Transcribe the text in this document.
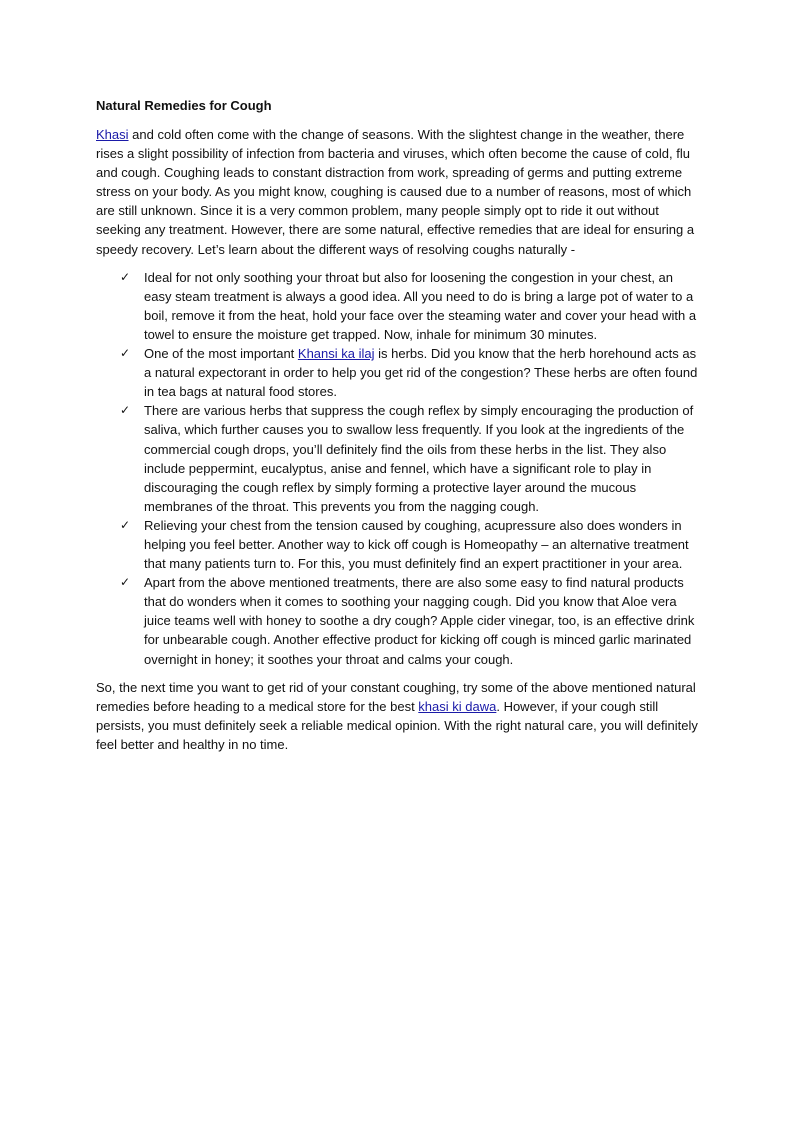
Natural Remedies for Cough

Khasi and cold often come with the change of seasons. With the slightest change in the weather, there rises a slight possibility of infection from bacteria and viruses, which often become the cause of cold, flu and cough. Coughing leads to constant distraction from work, spreading of germs and putting extreme stress on your body. As you might know, coughing is caused due to a number of reasons, most of which are still unknown. Since it is a very common problem, many people simply opt to ride it out without seeking any treatment. However, there are some natural, effective remedies that are ideal for ensuring a speedy recovery. Let’s learn about the different ways of resolving coughs naturally -

✓ Ideal for not only soothing your throat but also for loosening the congestion in your chest, an easy steam treatment is always a good idea. All you need to do is bring a large pot of water to a boil, remove it from the heat, hold your face over the steaming water and cover your head with a towel to ensure the moisture get trapped. Now, inhale for minimum 30 minutes.
✓ One of the most important Khansi ka ilaj is herbs. Did you know that the herb horehound acts as a natural expectorant in order to help you get rid of the congestion? These herbs are often found in tea bags at natural food stores.
✓ There are various herbs that suppress the cough reflex by simply encouraging the production of saliva, which further causes you to swallow less frequently. If you look at the ingredients of the commercial cough drops, you’ll definitely find the oils from these herbs in the list. They also include peppermint, eucalyptus, anise and fennel, which have a significant role to play in discouraging the cough reflex by simply forming a protective layer around the mucous membranes of the throat. This prevents you from the nagging cough.
✓ Relieving your chest from the tension caused by coughing, acupressure also does wonders in helping you feel better. Another way to kick off cough is Homeopathy – an alternative treatment that many patients turn to. For this, you must definitely find an expert practitioner in your area.
✓ Apart from the above mentioned treatments, there are also some easy to find natural products that do wonders when it comes to soothing your nagging cough. Did you know that Aloe vera juice teams well with honey to soothe a dry cough? Apple cider vinegar, too, is an effective drink for unbearable cough. Another effective product for kicking off cough is minced garlic marinated overnight in honey; it soothes your throat and calms your cough.

So, the next time you want to get rid of your constant coughing, try some of the above mentioned natural remedies before heading to a medical store for the best khasi ki dawa. However, if your cough still persists, you must definitely seek a reliable medical opinion. With the right natural care, you will definitely feel better and healthy in no time.
